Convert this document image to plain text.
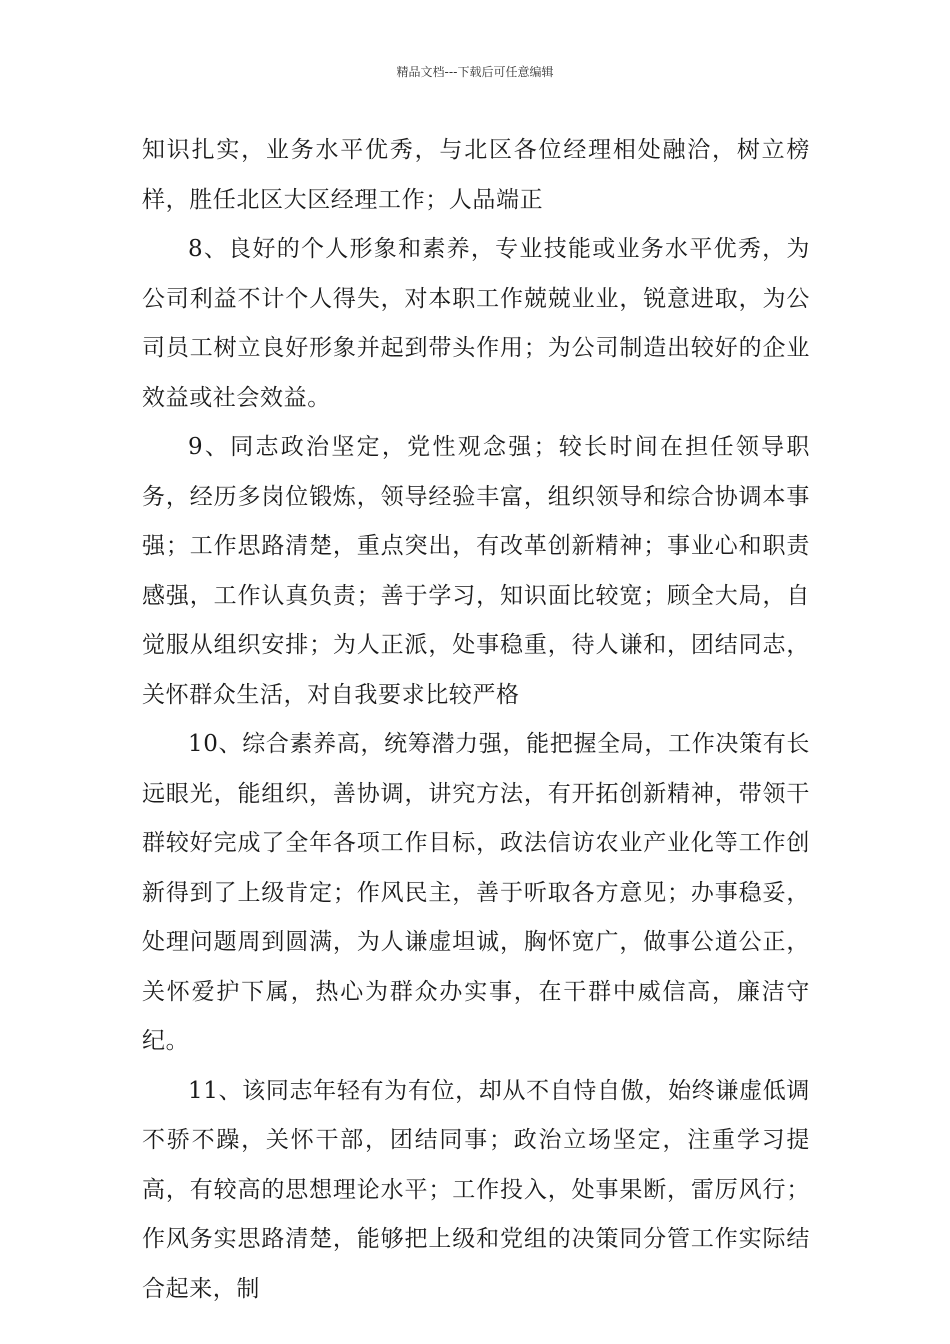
精品文档---下载后可任意编辑

知识扎实，业务水平优秀，与北区各位经理相处融洽，树立榜样，胜任北区大区经理工作；人品端正

8、良好的个人形象和素养，专业技能或业务水平优秀，为公司利益不计个人得失，对本职工作兢兢业业，锐意进取，为公司员工树立良好形象并起到带头作用；为公司制造出较好的企业效益或社会效益。

9、同志政治坚定，党性观念强；较长时间在担任领导职务，经历多岗位锻炼，领导经验丰富，组织领导和综合协调本事强；工作思路清楚，重点突出，有改革创新精神；事业心和职责感强，工作认真负责；善于学习，知识面比较宽；顾全大局，自觉服从组织安排；为人正派，处事稳重，待人谦和，团结同志，关怀群众生活，对自我要求比较严格

10、综合素养高，统筹潜力强，能把握全局，工作决策有长远眼光，能组织，善协调，讲究方法，有开拓创新精神，带领干群较好完成了全年各项工作目标，政法信访农业产业化等工作创新得到了上级肯定；作风民主，善于听取各方意见；办事稳妥，处理问题周到圆满，为人谦虚坦诚，胸怀宽广，做事公道公正，关怀爱护下属，热心为群众办实事，在干群中威信高，廉洁守纪。

11、该同志年轻有为有位，却从不自恃自傲，始终谦虚低调不骄不躁，关怀干部，团结同事；政治立场坚定，注重学习提高，有较高的思想理论水平；工作投入，处事果断，雷厉风行；作风务实思路清楚，能够把上级和党组的决策同分管工作实际结合起来，制
